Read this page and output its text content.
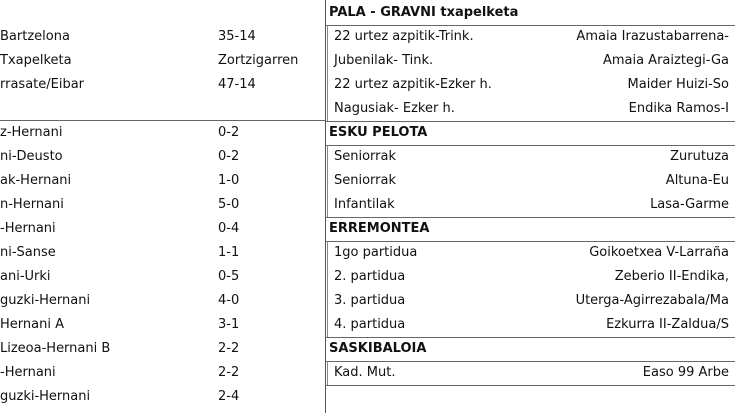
Bartzelona	35-14
Txapelketa	Zortzigarren
rrasate/Eibar	47-14
z-Hernani	0-2
ni-Deusto	0-2
ak-Hernani	1-0
n-Hernani	5-0
-Hernani	0-4
ni-Sanse	1-1
ani-Urki	0-5
guzki-Hernani	4-0
Hernani A	3-1
Lizeoa-Hernani B	2-2
-Hernani	2-2
guzki-Hernani	2-4
PALA - GRAVNI txapelketa
22 urtez azpitik-Trink.	Amaia Irazustabarrena-
Jubenilak- Tink.	Amaia Araiztegi-Ga
22 urtez azpitik-Ezker h.	Maider Huizi-So
Nagusiak- Ezker h.	Endika Ramos-I
ESKU PELOTA
Seniorrak	Zurutuza
Seniorrak	Altuna-Eu
Infantilak	Lasa-Garme
ERREMONTEA
1go partidua	Goikoetxea V-Larraña
2. partidua	Zeberio II-Endika,
3. partidua	Uterga-Agirrezabala/Ma
4. partidua	Ezkurra II-Zaldua/S
SASKIBALOIA
Kad. Mut.	Easo 99 Arbe
